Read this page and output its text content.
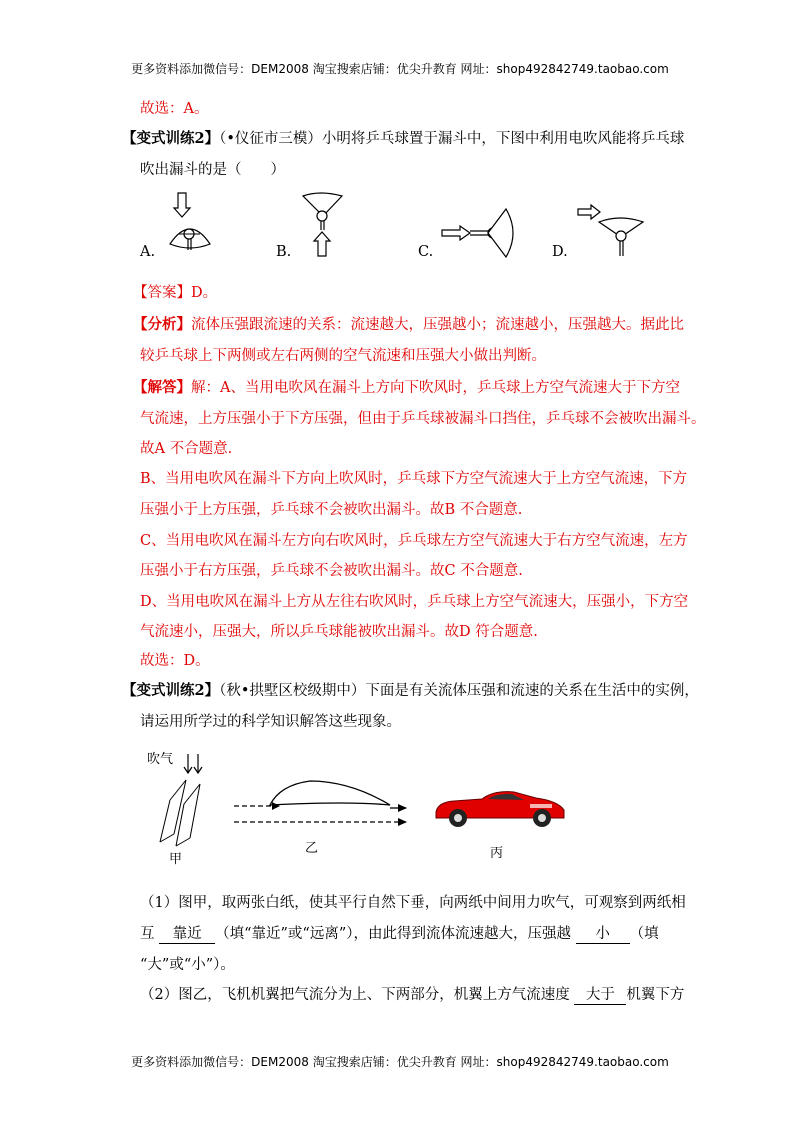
更多资料添加微信号：DEM2008 淘宝搜索店铺：优尖升教育 网址：shop492842749.taobao.com
故选：A。
【变式训练2】（•仪征市三模）小明将乒乓球置于漏斗中，下图中利用电吹风能将乒乓球
吹出漏斗的是（　　）
A.	B.	C.	D.
【答案】D。
【分析】流体压强跟流速的关系：流速越大，压强越小；流速越小，压强越大。据此比
较乒乓球上下两侧或左右两侧的空气流速和压强大小做出判断。
【解答】解：A、当用电吹风在漏斗上方向下吹风时，乒乓球上方空气流速大于下方空
气流速，上方压强小于下方压强，但由于乒乓球被漏斗口挡住，乒乓球不会被吹出漏斗。
故A 不合题意.
B、当用电吹风在漏斗下方向上吹风时，乒乓球下方空气流速大于上方空气流速，下方
压强小于上方压强，乒乓球不会被吹出漏斗。故B 不合题意.
C、当用电吹风在漏斗左方向右吹风时，乒乓球左方空气流速大于右方空气流速，左方
压强小于右方压强，乒乓球不会被吹出漏斗。故C 不合题意.
D、当用电吹风在漏斗上方从左往右吹风时，乒乓球上方空气流速大，压强小，下方空
气流速小，压强大，所以乒乓球能被吹出漏斗。故D 符合题意.
故选：D。
【变式训练2】（秋•拱墅区校级期中）下面是有关流体压强和流速的关系在生活中的实例，
请运用所学过的科学知识解答这些现象。
吹气
甲
乙	丙
（1）图甲，取两张白纸，使其平行自然下垂，向两纸中间用力吹气，可观察到两纸相
互 靠近 （填“靠近”或“远离”），由此得到流体流速越大，压强越 小 （填
“大”或“小”）。
（2）图乙，飞机机翼把气流分为上、下两部分，机翼上方气流速度 大于 机翼下方
更多资料添加微信号：DEM2008 淘宝搜索店铺：优尖升教育 网址：shop492842749.taobao.com
